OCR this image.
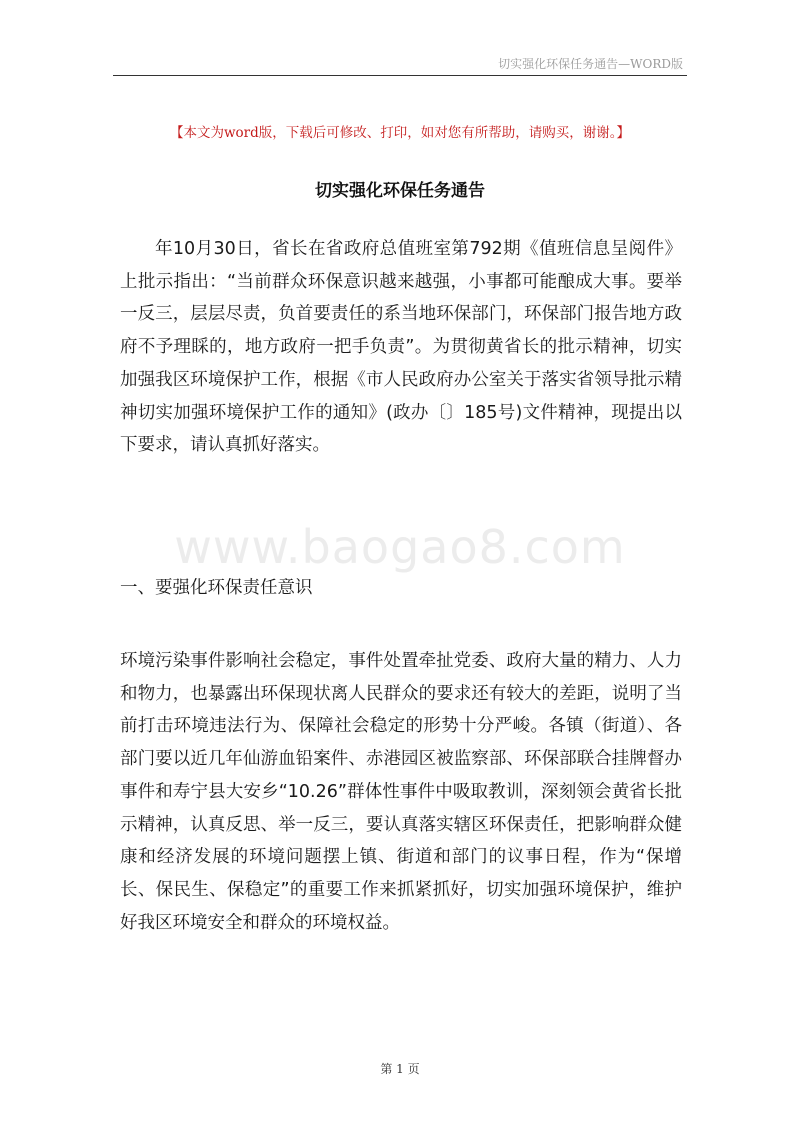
切实强化环保任务通告—WORD版
www.baogao8.com
【本文为word版，下载后可修改、打印，如对您有所帮助，请购买，谢谢。】
切实强化环保任务通告

年10月30日，省长在省政府总值班室第792期《值班信息呈阅件》上批示指出：“当前群众环保意识越来越强，小事都可能酿成大事。要举一反三，层层尽责，负首要责任的系当地环保部门，环保部门报告地方政府不予理睬的，地方政府一把手负责”。为贯彻黄省长的批示精神，切实加强我区环境保护工作，根据《市人民政府办公室关于落实省领导批示精神切实加强环境保护工作的通知》(政办〔〕185号)文件精神，现提出以下要求，请认真抓好落实。

一、要强化环保责任意识

环境污染事件影响社会稳定，事件处置牵扯党委、政府大量的精力、人力和物力，也暴露出环保现状离人民群众的要求还有较大的差距，说明了当前打击环境违法行为、保障社会稳定的形势十分严峻。各镇（街道）、各部门要以近几年仙游血铅案件、赤港园区被监察部、环保部联合挂牌督办事件和寿宁县大安乡“10.26”群体性事件中吸取教训，深刻领会黄省长批示精神，认真反思、举一反三，要认真落实辖区环保责任，把影响群众健康和经济发展的环境问题摆上镇、街道和部门的议事日程，作为“保增长、保民生、保稳定”的重要工作来抓紧抓好，切实加强环境保护，维护好我区环境安全和群众的环境权益。

第 1 页
